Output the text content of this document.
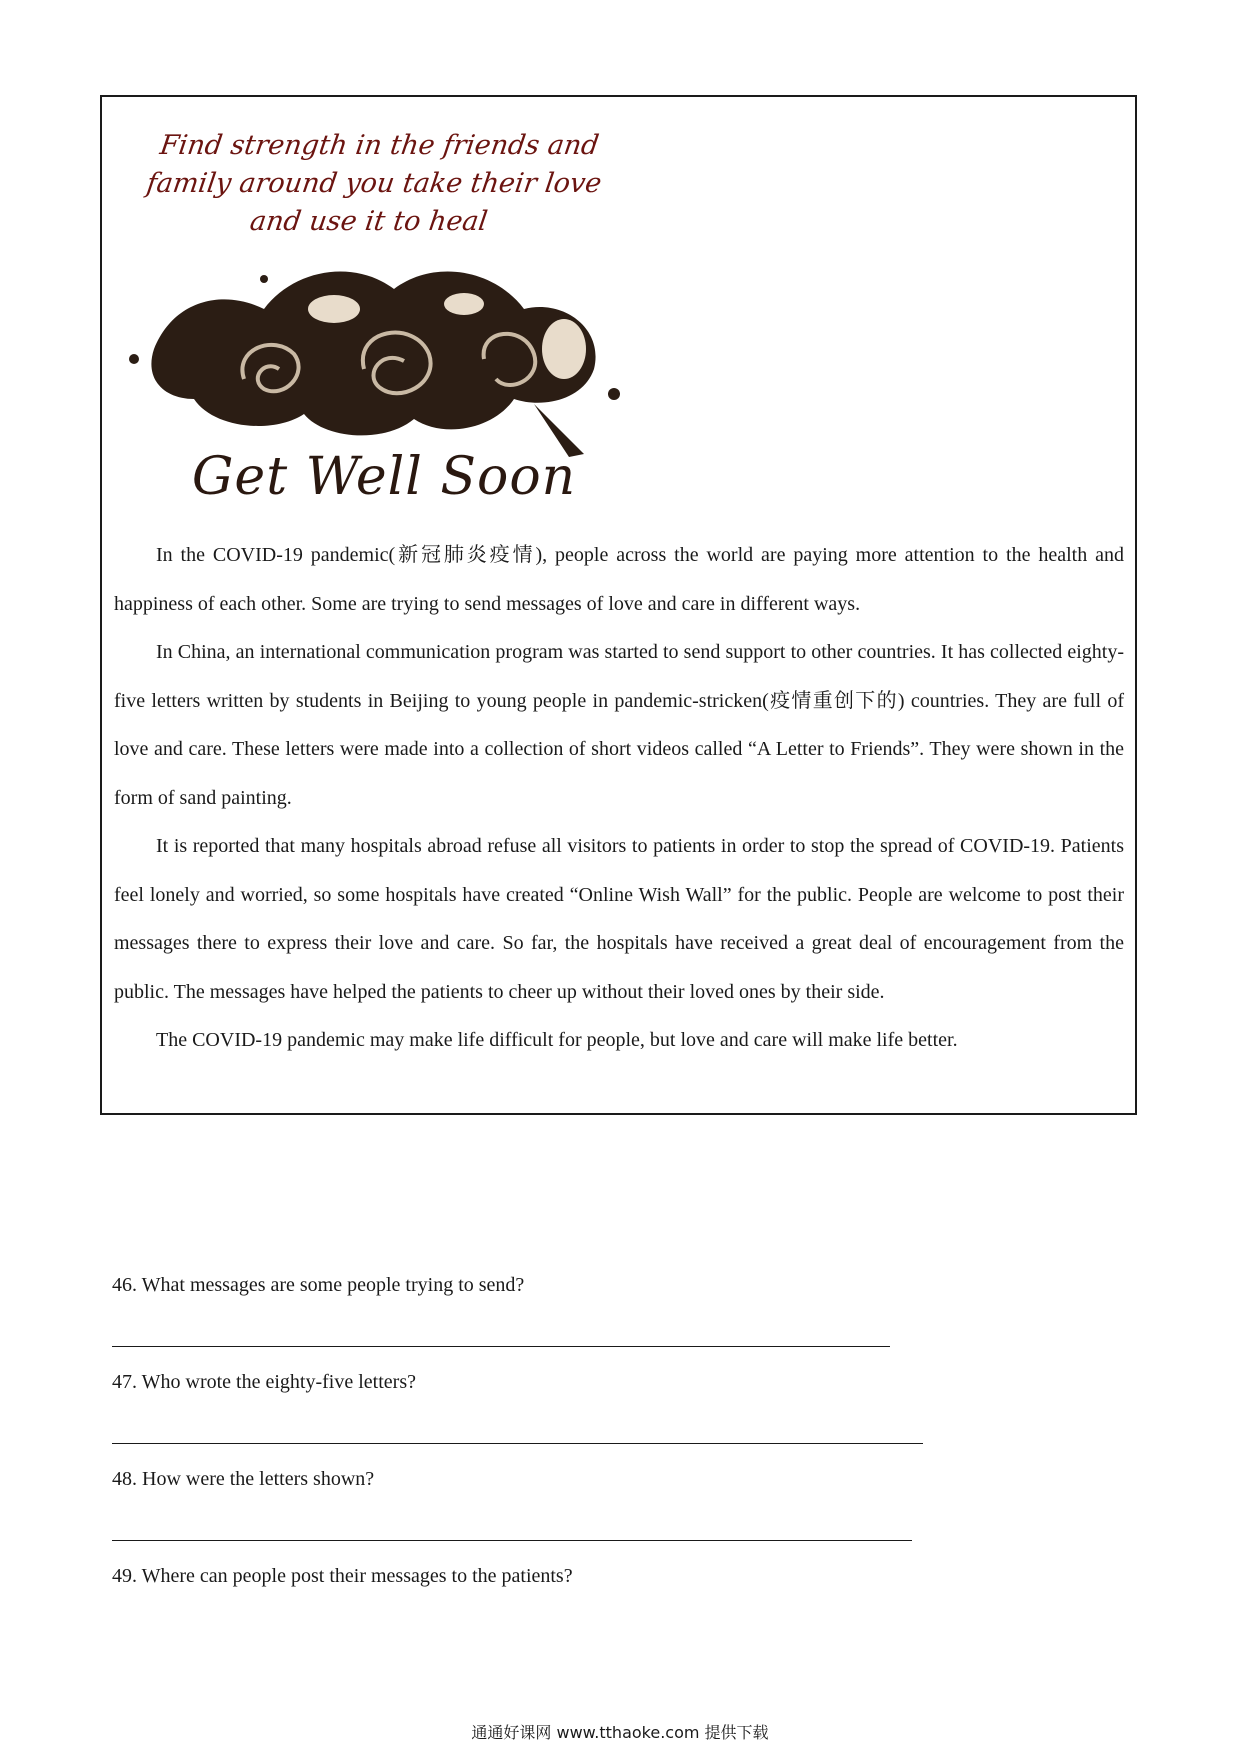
Find strength in the friends and family around you take their love and use it to heal
Get Well Soon

In the COVID-19 pandemic(新冠肺炎疫情), people across the world are paying more attention to the health and happiness of each other. Some are trying to send messages of love and care in different ways.

In China, an international communication program was started to send support to other countries. It has collected eighty-five letters written by students in Beijing to young people in pandemic-stricken(疫情重创下的) countries. They are full of love and care. These letters were made into a collection of short videos called “A Letter to Friends”. They were shown in the form of sand painting.

It is reported that many hospitals abroad refuse all visitors to patients in order to stop the spread of COVID-19. Patients feel lonely and worried, so some hospitals have created “Online Wish Wall” for the public. People are welcome to post their messages there to express their love and care. So far, the hospitals have received a great deal of encouragement from the public. The messages have helped the patients to cheer up without their loved ones by their side.

The COVID-19 pandemic may make life difficult for people, but love and care will make life better.

46. What messages are some people trying to send?
47. Who wrote the eighty-five letters?
48. How were the letters shown?
49. Where can people post their messages to the patients?
通通好课网 www.tthaoke.com 提供下载
